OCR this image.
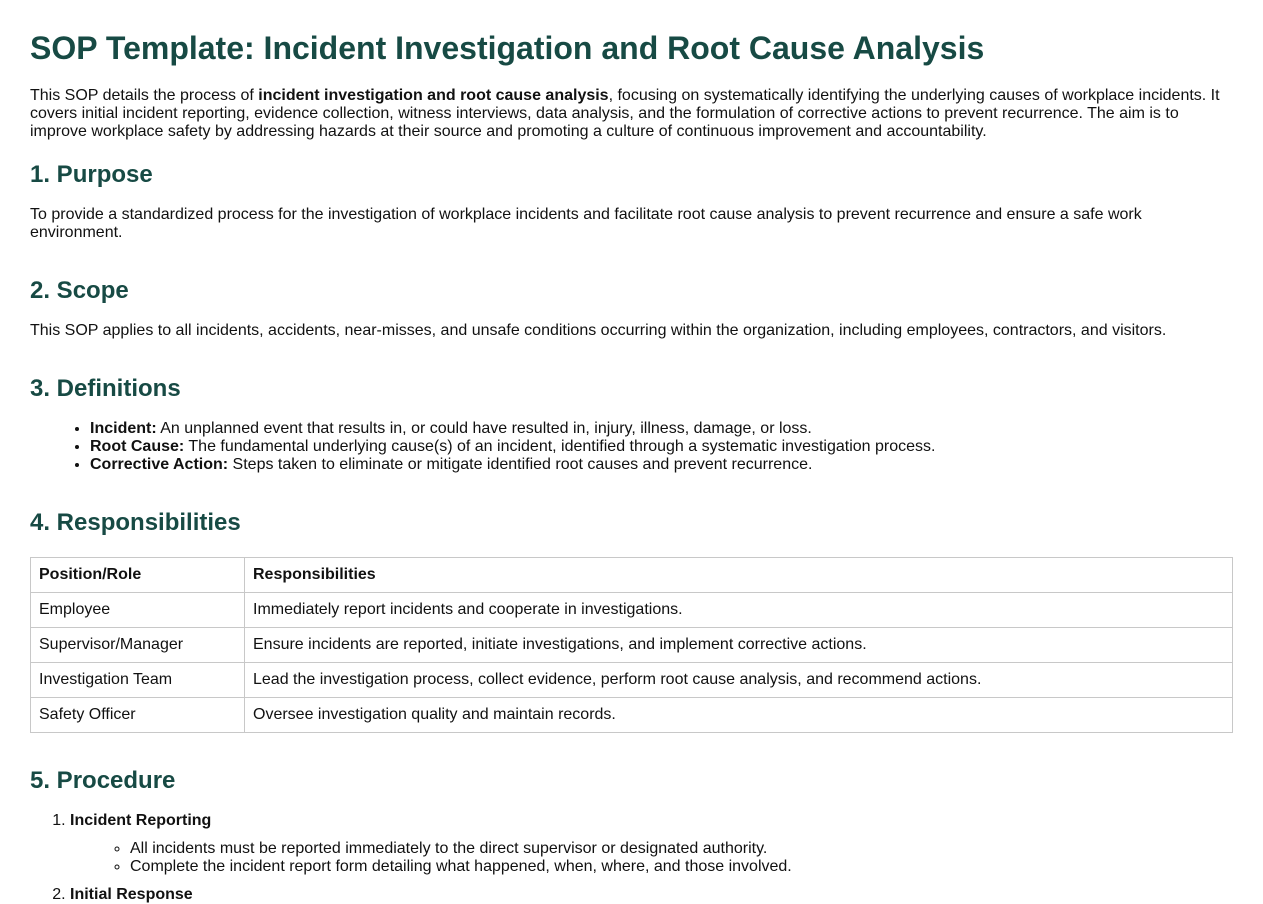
SOP Template: Incident Investigation and Root Cause Analysis

This SOP details the process of incident investigation and root cause analysis, focusing on systematically identifying the underlying causes of workplace incidents. It covers initial incident reporting, evidence collection, witness interviews, data analysis, and the formulation of corrective actions to prevent recurrence. The aim is to improve workplace safety by addressing hazards at their source and promoting a culture of continuous improvement and accountability.

1. Purpose

To provide a standardized process for the investigation of workplace incidents and facilitate root cause analysis to prevent recurrence and ensure a safe work environment.

2. Scope

This SOP applies to all incidents, accidents, near-misses, and unsafe conditions occurring within the organization, including employees, contractors, and visitors.

3. Definitions
• Incident: An unplanned event that results in, or could have resulted in, injury, illness, damage, or loss.
• Root Cause: The fundamental underlying cause(s) of an incident, identified through a systematic investigation process.
• Corrective Action: Steps taken to eliminate or mitigate identified root causes and prevent recurrence.
4. Responsibilities
Position/Role	Responsibilities
Employee	Immediately report incidents and cooperate in investigations.
Supervisor/Manager	Ensure incidents are reported, initiate investigations, and implement corrective actions.
Investigation Team	Lead the investigation process, collect evidence, perform root cause analysis, and recommend actions.
Safety Officer	Oversee investigation quality and maintain records.
5. Procedure
1. Incident Reporting
◦ All incidents must be reported immediately to the direct supervisor or designated authority.
◦ Complete the incident report form detailing what happened, when, where, and those involved.
2. Initial Response
